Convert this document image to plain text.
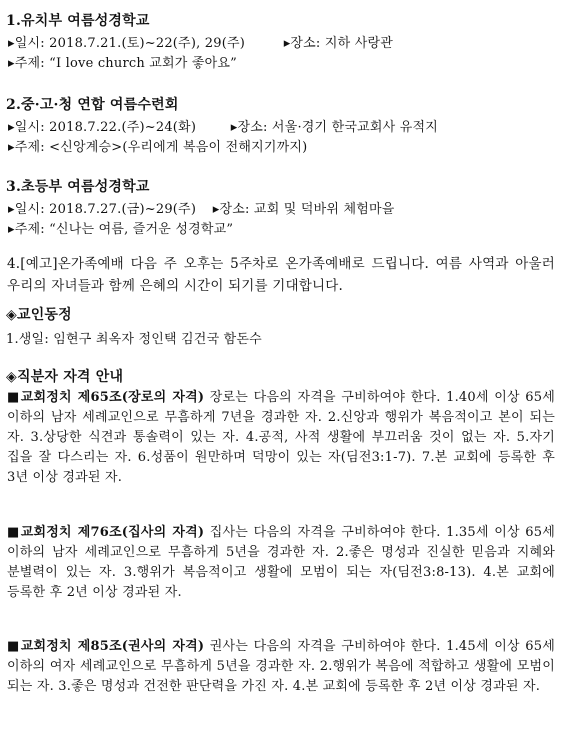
1.유치부 여름성경학교
▸일시: 2018.7.21.(토)~22(주), 29(주)	▸장소: 지하 사랑관
▸주제: “I love church 교회가 좋아요”
2.중·고·청 연합 여름수련회
▸일시: 2018.7.22.(주)~24(화)	▸장소: 서울·경기 한국교회사 유적지
▸주제: <신앙계승>(우리에게 복음이 전해지기까지)
3.초등부 여름성경학교
▸일시: 2018.7.27.(금)~29(주) ▸장소: 교회 및 덕바위 체험마을
▸주제: “신나는 여름, 즐거운 성경학교”
4.[예고]온가족예배 다음 주 오후는 5주차로 온가족예배로 드립니다. 여름 사역과 아울러 우리의 자녀들과 함께 은혜의 시간이 되기를 기대합니다.
◈교인동정
1.생일: 임현구 최옥자 정인택 김건국 함돈수
◈직분자 자격 안내
■교회정치 제65조(장로의 자격) 장로는 다음의 자격을 구비하여야 한다. 1.40세 이상 65세 이하의 남자 세례교인으로 무흠하게 7년을 경과한 자. 2.신앙과 행위가 복음적이고 본이 되는 자. 3.상당한 식견과 통솔력이 있는 자. 4.공적, 사적 생활에 부끄러움 것이 없는 자. 5.자기 집을 잘 다스리는 자. 6.성품이 원만하며 덕망이 있는 자(딤전3:1-7). 7.본 교회에 등록한 후 3년 이상 경과된 자.
■교회정치 제76조(집사의 자격) 집사는 다음의 자격을 구비하여야 한다. 1.35세 이상 65세 이하의 남자 세례교인으로 무흠하게 5년을 경과한 자. 2.좋은 명성과 진실한 믿음과 지혜와 분별력이 있는 자. 3.행위가 복음적이고 생활에 모범이 되는 자(딤전3:8-13). 4.본 교회에 등록한 후 2년 이상 경과된 자.
■교회정치 제85조(권사의 자격) 권사는 다음의 자격을 구비하여야 한다. 1.45세 이상 65세 이하의 여자 세례교인으로 무흠하게 5년을 경과한 자. 2.행위가 복음에 적합하고 생활에 모범이 되는 자. 3.좋은 명성과 건전한 판단력을 가진 자. 4.본 교회에 등록한 후 2년 이상 경과된 자.
